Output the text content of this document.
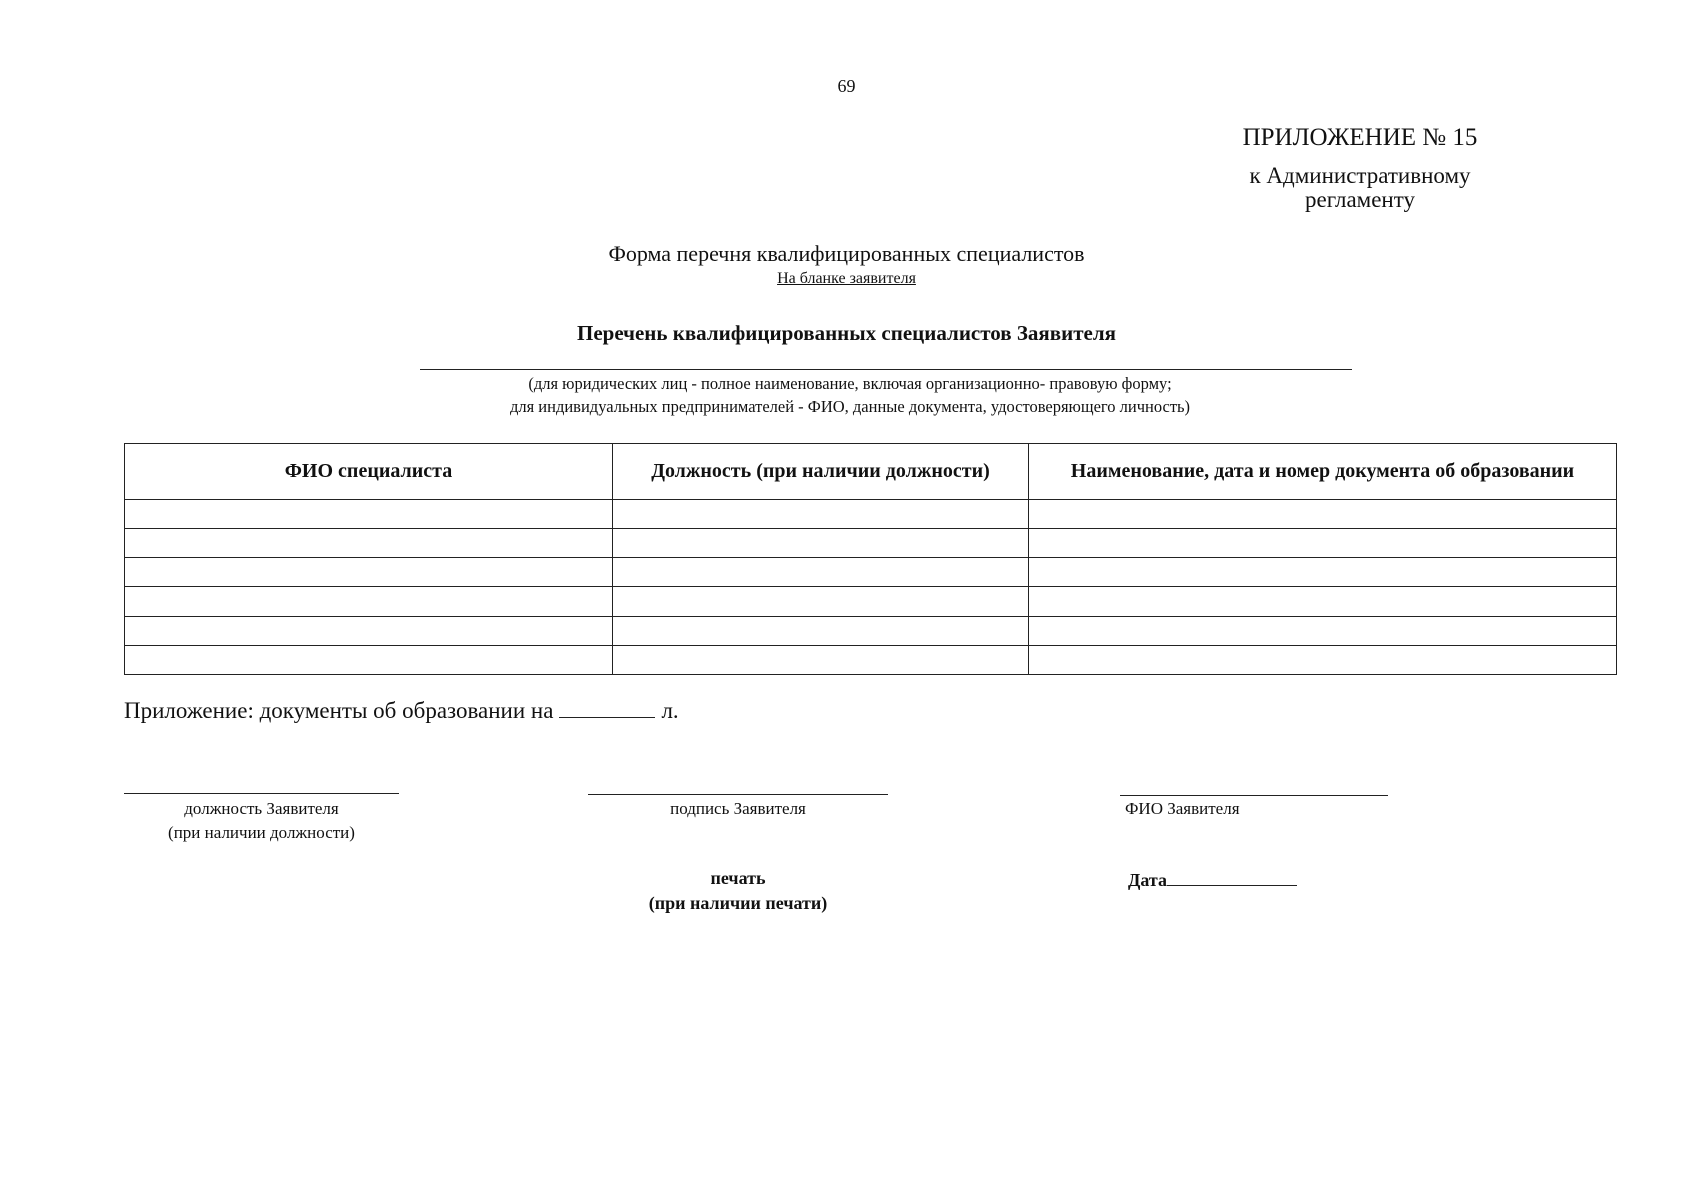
69
ПРИЛОЖЕНИЕ № 15
к Административному
регламенту
Форма перечня квалифицированных специалистов
На бланке заявителя
Перечень квалифицированных специалистов Заявителя
(для юридических лиц - полное наименование, включая организационно- правовую форму;
для индивидуальных предпринимателей - ФИО, данные документа, удостоверяющего личность)
ФИО специалиста	Должность (при наличии должности)	Наименование, дата и номер документа об образовании

Приложение: документы об образовании на	л.
должность Заявителя
(при наличии должности)
подпись Заявителя	ФИО Заявителя
печать
(при наличии печати)
Дата
